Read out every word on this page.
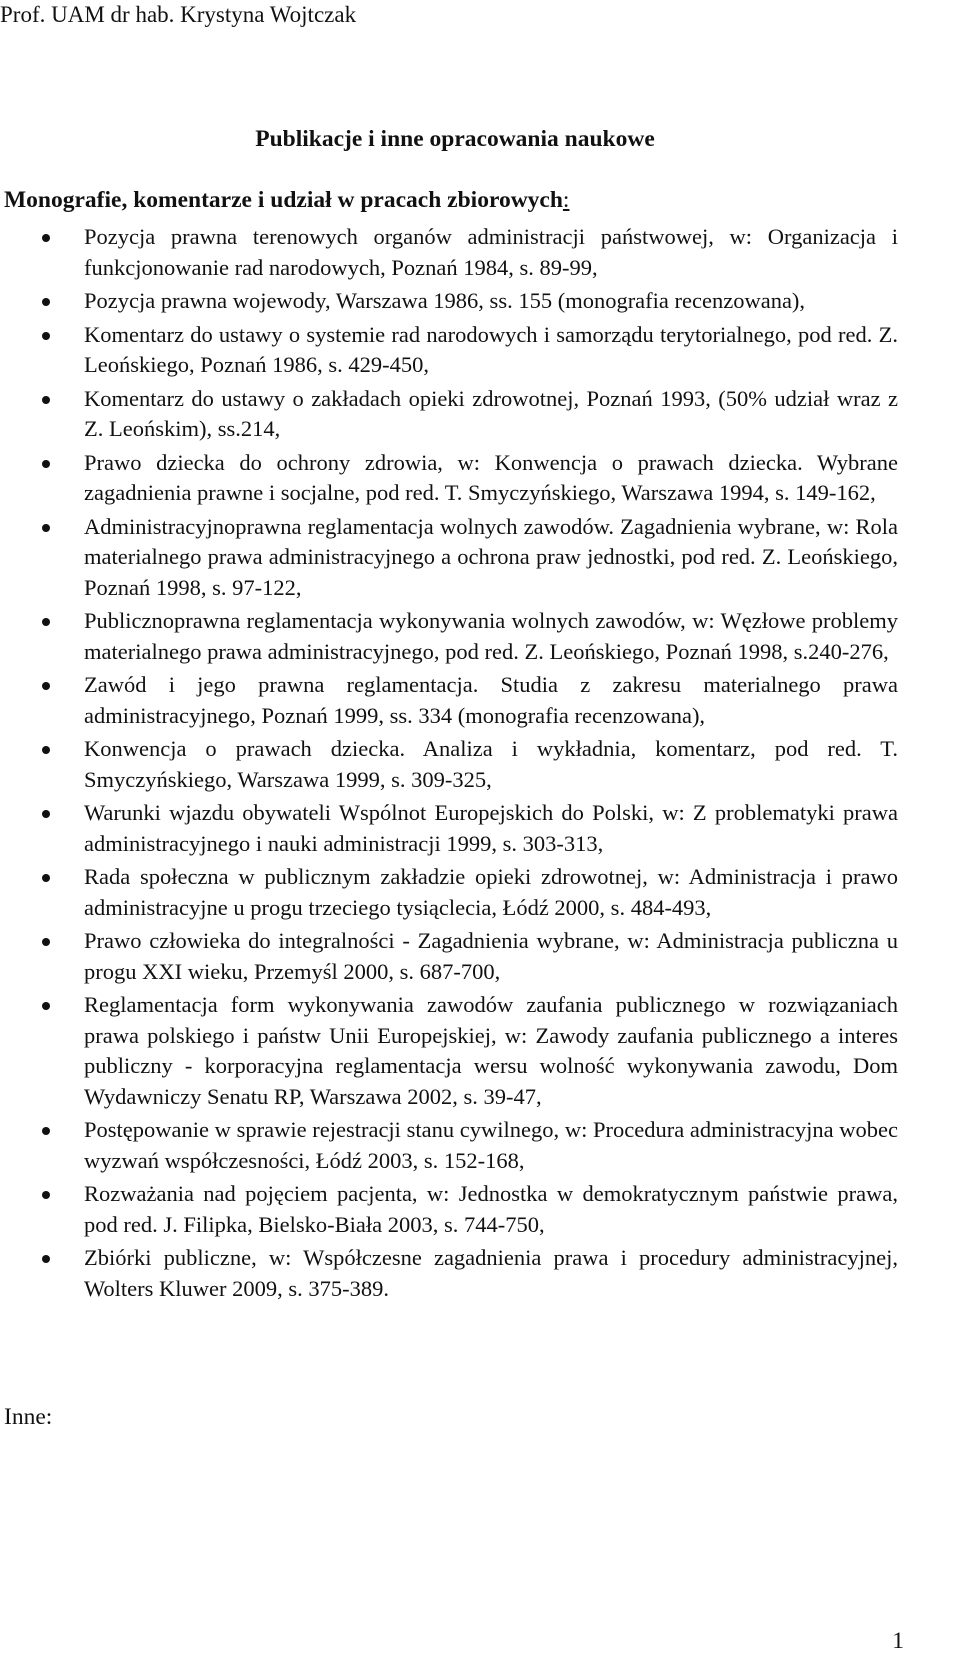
Prof. UAM dr hab. Krystyna Wojtczak
Publikacje i inne opracowania naukowe
Monografie, komentarze i udział w pracach zbiorowych:
Pozycja prawna terenowych organów administracji państwowej, w: Organizacja i funkcjonowanie rad narodowych, Poznań 1984, s. 89-99,
Pozycja prawna wojewody, Warszawa 1986, ss. 155 (monografia recenzowana),
Komentarz do ustawy o systemie rad narodowych i samorządu terytorialnego, pod red. Z. Leońskiego, Poznań 1986, s. 429-450,
Komentarz do ustawy o zakładach opieki zdrowotnej, Poznań 1993, (50% udział wraz z Z. Leońskim), ss.214,
Prawo dziecka do ochrony zdrowia, w: Konwencja o prawach dziecka. Wybrane zagadnienia prawne i socjalne, pod red. T. Smyczyńskiego, Warszawa 1994, s. 149-162,
Administracyjnoprawna reglamentacja wolnych zawodów. Zagadnienia wybrane, w: Rola materialnego prawa administracyjnego a ochrona praw jednostki, pod red. Z. Leońskiego, Poznań 1998, s. 97-122,
Publicznoprawna reglamentacja wykonywania wolnych zawodów, w: Węzłowe problemy materialnego prawa administracyjnego, pod red. Z. Leońskiego, Poznań 1998, s.240-276,
Zawód i jego prawna reglamentacja. Studia z zakresu materialnego prawa administracyjnego, Poznań 1999, ss. 334 (monografia recenzowana),
Konwencja o prawach dziecka. Analiza i wykładnia, komentarz, pod red. T. Smyczyńskiego, Warszawa 1999, s. 309-325,
Warunki wjazdu obywateli Wspólnot Europejskich do Polski, w: Z problematyki prawa administracyjnego i nauki administracji 1999, s. 303-313,
Rada społeczna w publicznym zakładzie opieki zdrowotnej, w: Administracja i prawo administracyjne u progu trzeciego tysiąclecia, Łódź 2000, s. 484-493,
Prawo człowieka do integralności - Zagadnienia wybrane, w: Administracja publiczna u progu XXI wieku, Przemyśl 2000, s. 687-700,
Reglamentacja form wykonywania zawodów zaufania publicznego w rozwiązaniach prawa polskiego i państw Unii Europejskiej, w: Zawody zaufania publicznego a interes publiczny - korporacyjna reglamentacja wersu wolność wykonywania zawodu, Dom Wydawniczy Senatu RP, Warszawa 2002, s. 39-47,
Postępowanie w sprawie rejestracji stanu cywilnego, w: Procedura administracyjna wobec wyzwań współczesności, Łódź 2003, s. 152-168,
Rozważania nad pojęciem pacjenta, w: Jednostka w demokratycznym państwie prawa, pod red. J. Filipka, Bielsko-Biała 2003, s. 744-750,
Zbiórki publiczne, w: Współczesne zagadnienia prawa i procedury administracyjnej, Wolters Kluwer 2009, s. 375-389.
Inne:
1
